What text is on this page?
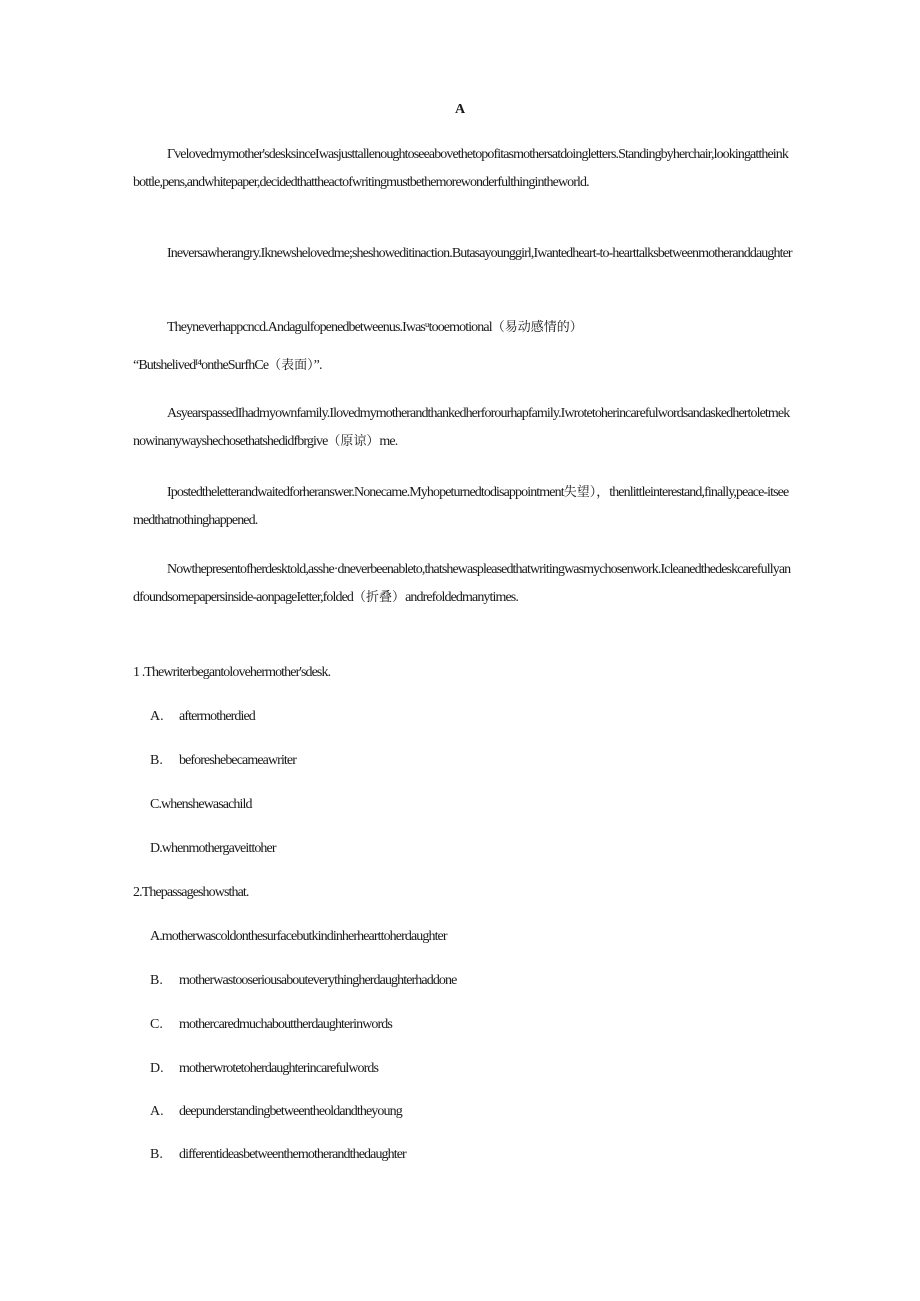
A

Γvelovedmymother'sdesksinceIwasjusttallenoughtoseeabovethetopofitasmothersatdoingletters.Standingbyherchair,lookingattheinkbottle,pens,andwhitepaper,decidedthattheactofwritingmustbethemorewonderfulthingintheworld.

Ineversawherangry.Iknewshelovedme;sheshoweditinaction.Butasayounggirl,Iwantedheart-to-hearttalksbetweenmotheranddaughter

Theyneverhappcncd.Andagulfopenedbetweenus.Iwasᵘtooemotional（易动感情的）

“Butshelivedᴵ⁴ontheSurfhCe（表面）”.

AsyearspassedIhadmyownfamily.Ilovedmymotherandthankedherforourhapfamily.Iwrotetoherincarefulwordsandaskedhertoletmeknowinanywayshechosethatshedidfbrgive（原谅）me.

Ipostedtheletterandwaitedforheranswer.Nonecame.Myhopeturnedtodisappointment失望），thenlittleinterestand,finally,peace-itseemedthatnothinghappened.

Nowthepresentofherdesktold,asshe·dneverbeenableto,thatshewaspleasedthatwritingwasmychosenwork.Icleanedthedeskcarefullyandfoundsomepapersinside-aonpageIetter,folded（折叠）andrefoldedmanytimes.

1 .Thewriterbegantolovehermother'sdesk.

A. aftermotherdied

B. beforeshebecameawriter

C.whenshewasachild

D.whenmothergaveittoher

2.Thepassageshowsthat.

A.motherwascoldonthesurfacebutkindinherhearttoherdaughter

B. motherwastooseriousabouteverythingherdaughterhaddone

C. mothercaredmuchabouttherdaughterinwords

D. motherwrotetoherdaughterincarefulwords

A. deepunderstandingbetweentheoldandtheyoung

B. differentideasbetweenthemotherandthedaughter
